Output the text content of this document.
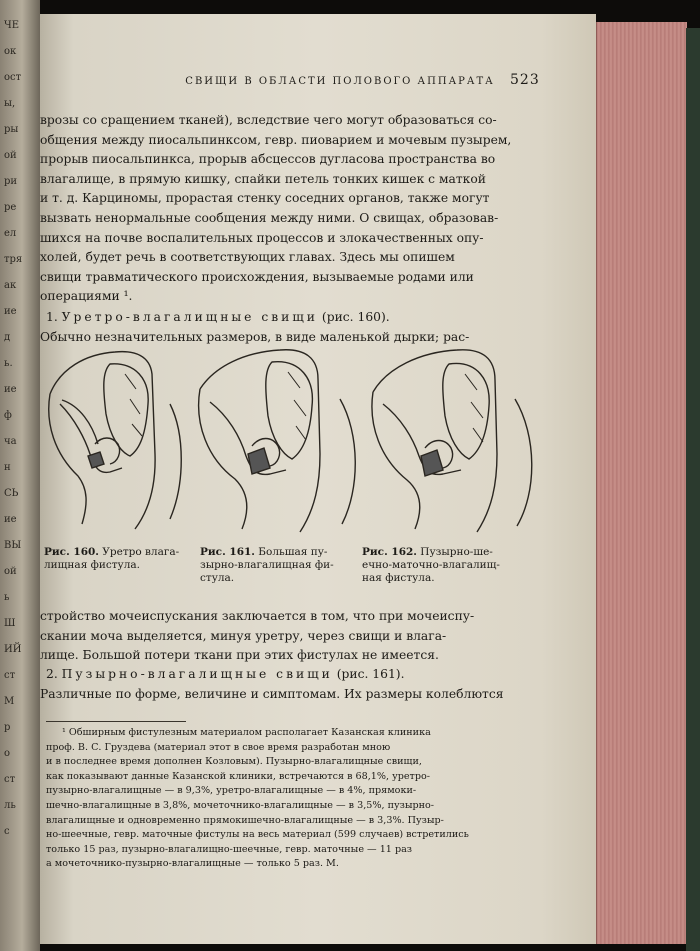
ЧЕ
ок
ост
ы,
ры
ой
ри
ре
ел
тря
ак
ие
д
ь.
ие
ф
ча
н
СЬ
ие
ВЫ
ой
ь
Ш
ИЙ
ст
М
р
о
ст
ль
с
СВИЩИ В ОБЛАСТИ ПОЛОВОГО АППАРАТА	523
врозы со сращением тканей), вследствие чего могут образоваться со-
общения между пиосальпинксом, гевр. пиоварием и мочевым пузырем,
прорыв пиосальпинкса, прорыв абсцессов дугласова пространства во
влагалище, в прямую кишку, спайки петель тонких кишек с маткой
и т. д. Карциномы, прорастая стенку соседних органов, также могут
вызвать ненормальные сообщения между ними. О свищах, образовав-
шихся на почве воспалительных процессов и злокачественных опу-
холей, будет речь в соответствующих главах. Здесь мы опишем
свищи травматического происхождения, вызываемые родами или
операциями ¹.
1. Уретро-влагалищные свищи (рис. 160).
Обычно незначительных размеров, в виде маленькой дырки; рас-
Рис. 160. Уретро влага-
лищная фистула.
Рис. 161. Большая пу-
зырно-влагалищная фи-
стула.
Рис. 162. Пузырно-ше-
ечно-маточно-влагалищ-
ная фистула.
стройство мочеиспускания заключается в том, что при мочеиспу-
скании моча выделяется, минуя уретру, через свищи и влага-
лище. Большой потери ткани при этих фистулах не имеется.
2. Пузырно-влагалищные свищи (рис. 161).
Различные по форме, величине и симптомам. Их размеры колеблются
¹ Обширным фистулезным материалом располагает Казанская клиника
проф. В. С. Груздева (материал этот в свое время разработан мною
и в последнее время дополнен Козловым). Пузырно-влагалищные свищи,
как показывают данные Казанской клиники, встречаются в 68,1%, уретро-
пузырно-влагалищные — в 9,3%, уретро-влагалищные — в 4%, прямоки-
шечно-влагалищные в 3,8%, мочеточнико-влагалищные — в 3,5%, пузырно-
влагалищные и одновременно прямокишечно-влагалищные — в 3,3%. Пузыр-
но-шеечные, гевр. маточные фистулы на весь материал (599 случаев) встретились
только 15 раз, пузырно-влагалищно-шеечные, гевр. маточные — 11 раз
а мочеточнико-пузырно-влагалищные — только 5 раз. М.
